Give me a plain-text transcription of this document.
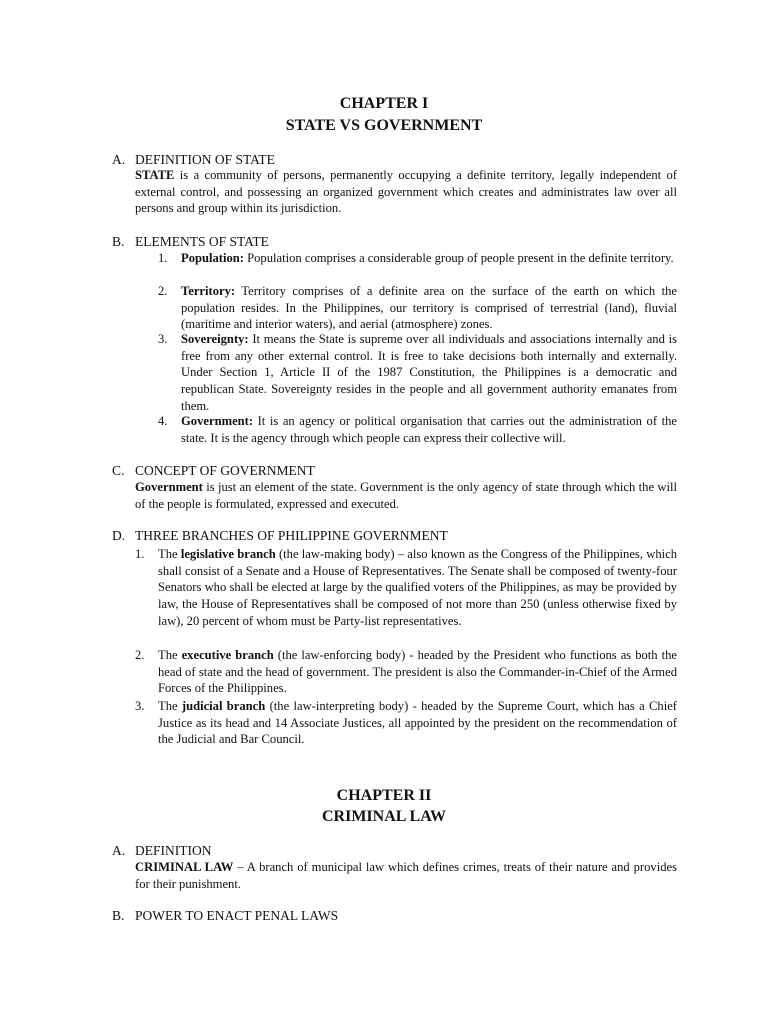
CHAPTER I
STATE VS GOVERNMENT
A. DEFINITION OF STATE
STATE is a community of persons, permanently occupying a definite territory, legally independent of external control, and possessing an organized government which creates and administrates law over all persons and group within its jurisdiction.
B. ELEMENTS OF STATE
1. Population: Population comprises a considerable group of people present in the definite territory.
2. Territory: Territory comprises of a definite area on the surface of the earth on which the population resides. In the Philippines, our territory is comprised of terrestrial (land), fluvial (maritime and interior waters), and aerial (atmosphere) zones.
3. Sovereignty: It means the State is supreme over all individuals and associations internally and is free from any other external control. It is free to take decisions both internally and externally. Under Section 1, Article II of the 1987 Constitution, the Philippines is a democratic and republican State. Sovereignty resides in the people and all government authority emanates from them.
4. Government: It is an agency or political organisation that carries out the administration of the state. It is the agency through which people can express their collective will.
C. CONCEPT OF GOVERNMENT
Government is just an element of the state. Government is the only agency of state through which the will of the people is formulated, expressed and executed.
D. THREE BRANCHES OF PHILIPPINE GOVERNMENT
1. The legislative branch (the law-making body) – also known as the Congress of the Philippines, which shall consist of a Senate and a House of Representatives. The Senate shall be composed of twenty-four Senators who shall be elected at large by the qualified voters of the Philippines, as may be provided by law, the House of Representatives shall be composed of not more than 250 (unless otherwise fixed by law), 20 percent of whom must be Party-list representatives.
2. The executive branch (the law-enforcing body) - headed by the President who functions as both the head of state and the head of government. The president is also the Commander-in-Chief of the Armed Forces of the Philippines.
3. The judicial branch (the law-interpreting body) - headed by the Supreme Court, which has a Chief Justice as its head and 14 Associate Justices, all appointed by the president on the recommendation of the Judicial and Bar Council.
CHAPTER II
CRIMINAL LAW
A. DEFINITION
CRIMINAL LAW – A branch of municipal law which defines crimes, treats of their nature and provides for their punishment.
B. POWER TO ENACT PENAL LAWS
